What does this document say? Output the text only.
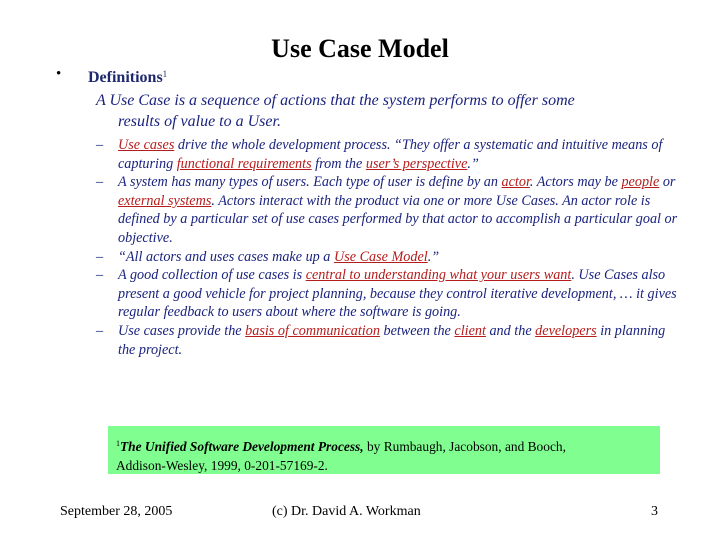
Use Case Model
• Definitions$^1$

A Use Case is a sequence of actions that the system performs to offer some
results of value to a User.

– Use cases drive the whole development process. “They offer a systematic and intuitive means of capturing functional requirements from the user’s perspective.”
– A system has many types of users. Each type of user is define by an actor. Actors may be people or external systems. Actors interact with the product via one or more Use Cases. An actor role is defined by a particular set of use cases performed by that actor to accomplish a particular goal or objective.
– “All actors and uses cases make up a Use Case Model.”
– A good collection of use cases is central to understanding what your users want. Use Cases also present a good vehicle for project planning, because they control iterative development, … it gives regular feedback to users about where the software is going.
– Use cases provide the basis of communication between the client and the developers in planning the project.
$^1$The Unified Software Development Process, by Rumbaugh, Jacobson, and Booch,
Addison-Wesley, 1999, 0-201-57169-2.
September 28, 2005	(c) Dr. David A. Workman	3
